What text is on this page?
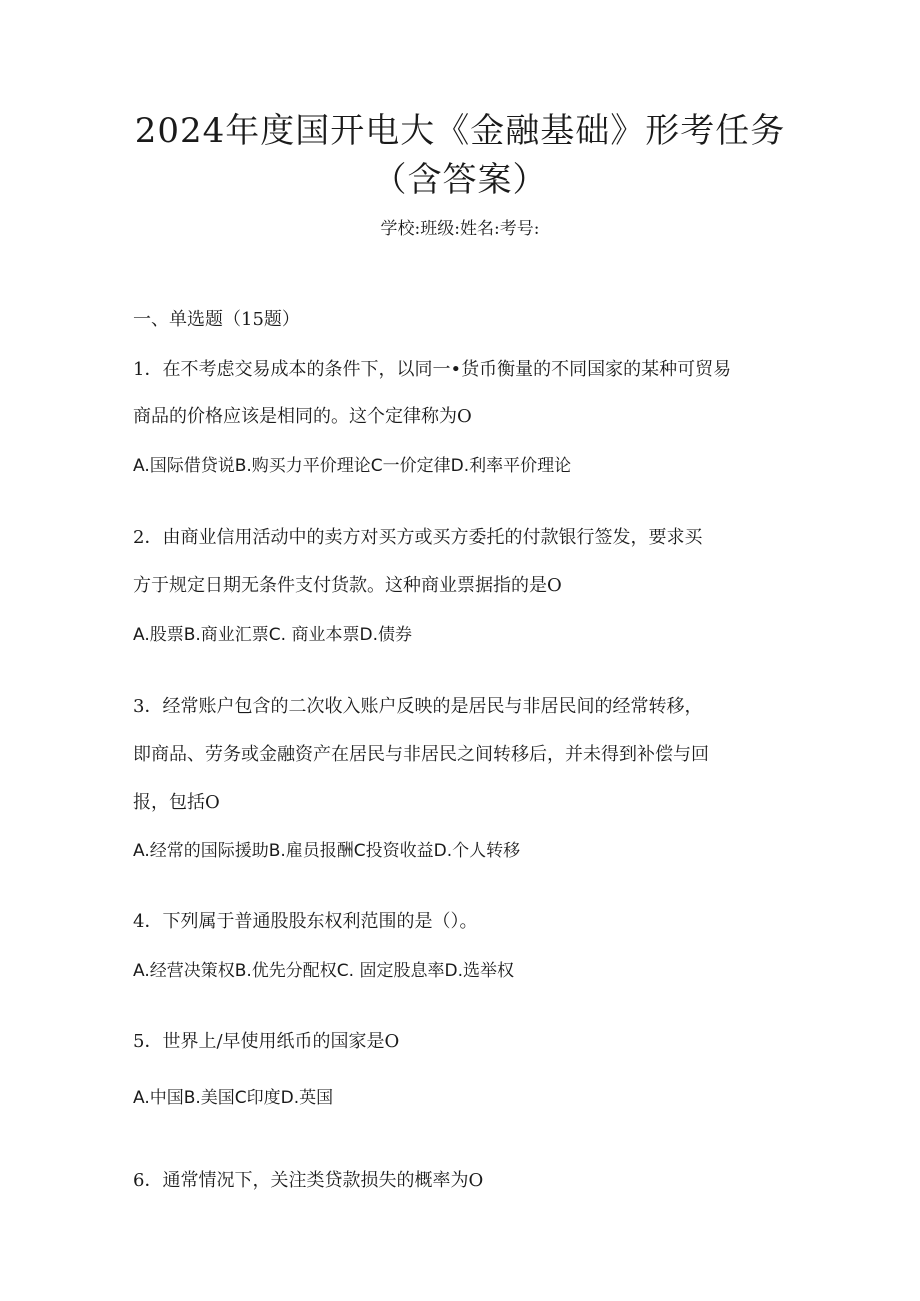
2024年度国开电大《金融基础》形考任务
（含答案）
学校:班级:姓名:考号:
一、单选题（15题）
1．在不考虑交易成本的条件下，以同一•货币衡量的不同国家的某种可贸易
商品的价格应该是相同的。这个定律称为O
A.国际借贷说B.购买力平价理论C一价定律D.利率平价理论
2．由商业信用活动中的卖方对买方或买方委托的付款银行签发，要求买
方于规定日期无条件支付货款。这种商业票据指的是O
A.股票B.商业汇票C. 商业本票D.债券
3．经常账户包含的二次收入账户反映的是居民与非居民间的经常转移，
即商品、劳务或金融资产在居民与非居民之间转移后，并未得到补偿与回
报，包括O
A.经常的国际援助B.雇员报酬C投资收益D.个人转移
4．下列属于普通股股东权利范围的是（）。
A.经营决策权B.优先分配权C. 固定股息率D.选举权
5．世界上/早使用纸币的国家是O
A.中国B.美国C印度D.英国
6．通常情况下，关注类贷款损失的概率为O
